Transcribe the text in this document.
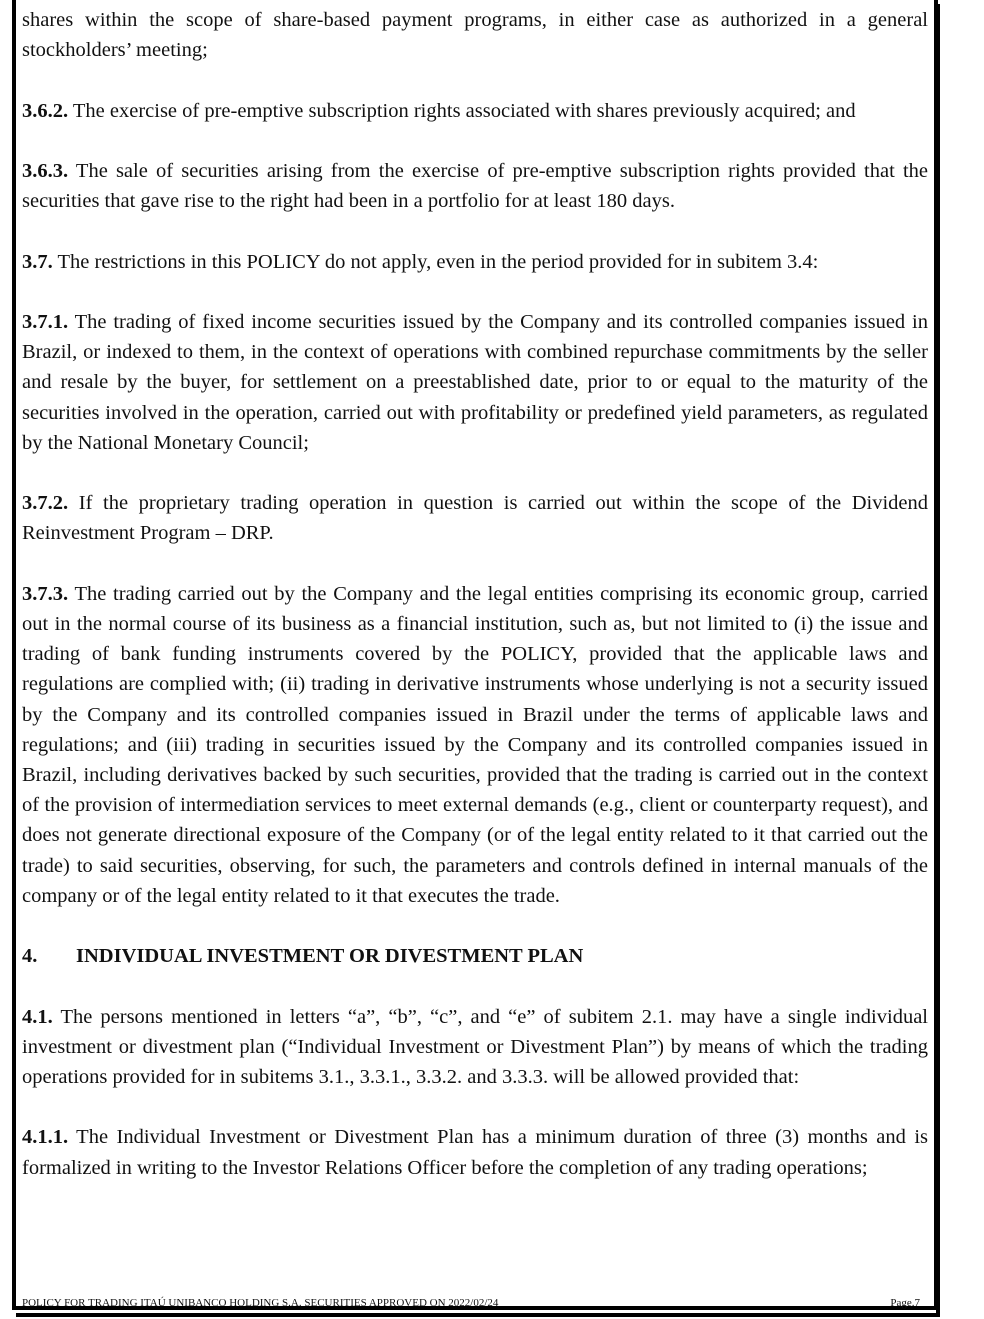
shares within the scope of share-based payment programs, in either case as authorized in a general stockholders’ meeting;

3.6.2. The exercise of pre-emptive subscription rights associated with shares previously acquired; and

3.6.3. The sale of securities arising from the exercise of pre-emptive subscription rights provided that the securities that gave rise to the right had been in a portfolio for at least 180 days.

3.7. The restrictions in this POLICY do not apply, even in the period provided for in subitem 3.4:

3.7.1. The trading of fixed income securities issued by the Company and its controlled companies issued in Brazil, or indexed to them, in the context of operations with combined repurchase commitments by the seller and resale by the buyer, for settlement on a preestablished date, prior to or equal to the maturity of the securities involved in the operation, carried out with profitability or predefined yield parameters, as regulated by the National Monetary Council;

3.7.2. If the proprietary trading operation in question is carried out within the scope of the Dividend Reinvestment Program – DRP.

3.7.3. The trading carried out by the Company and the legal entities comprising its economic group, carried out in the normal course of its business as a financial institution, such as, but not limited to (i) the issue and trading of bank funding instruments covered by the POLICY, provided that the applicable laws and regulations are complied with; (ii) trading in derivative instruments whose underlying is not a security issued by the Company and its controlled companies issued in Brazil under the terms of applicable laws and regulations; and (iii) trading in securities issued by the Company and its controlled companies issued in Brazil, including derivatives backed by such securities, provided that the trading is carried out in the context of the provision of intermediation services to meet external demands (e.g., client or counterparty request), and does not generate directional exposure of the Company (or of the legal entity related to it that carried out the trade) to said securities, observing, for such, the parameters and controls defined in internal manuals of the company or of the legal entity related to it that executes the trade.

4. INDIVIDUAL INVESTMENT OR DIVESTMENT PLAN

4.1. The persons mentioned in letters “a”, “b”, “c”, and “e” of subitem 2.1. may have a single individual investment or divestment plan (“Individual Investment or Divestment Plan”) by means of which the trading operations provided for in subitems 3.1., 3.3.1., 3.3.2. and 3.3.3. will be allowed provided that:

4.1.1. The Individual Investment or Divestment Plan has a minimum duration of three (3) months and is formalized in writing to the Investor Relations Officer before the completion of any trading operations;

POLICY FOR TRADING ITAÚ UNIBANCO HOLDING S.A. SECURITIES APPROVED ON 2022/02/24	Page.7
